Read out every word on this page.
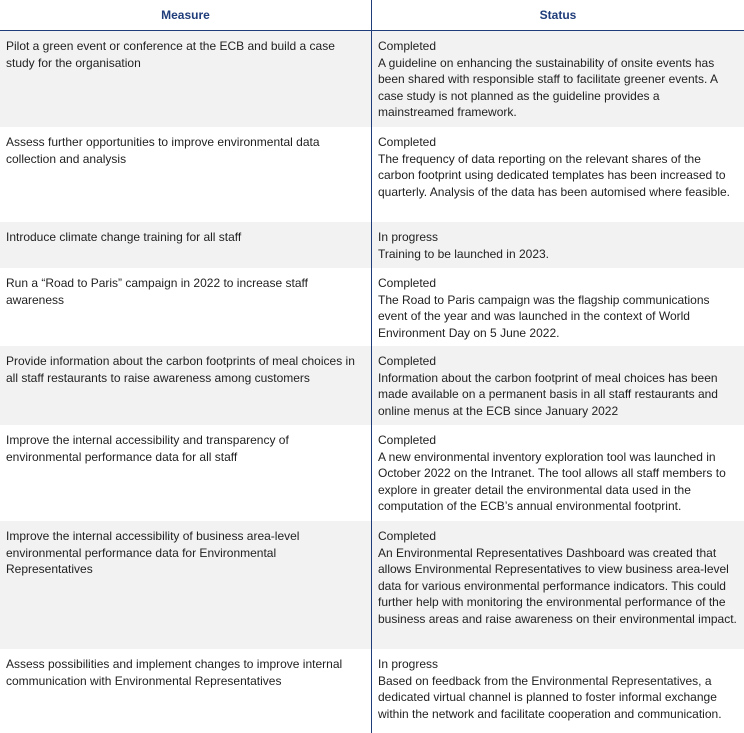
Measure	Status
Pilot a green event or conference at the ECB and build a case study for the organisation
Completed
A guideline on enhancing the sustainability of onsite events has been shared with responsible staff to facilitate greener events. A case study is not planned as the guideline provides a mainstreamed framework.
Assess further opportunities to improve environmental data collection and analysis
Completed
The frequency of data reporting on the relevant shares of the carbon footprint using dedicated templates has been increased to quarterly. Analysis of the data has been automised where feasible.
Introduce climate change training for all staff	In progress
Training to be launched in 2023.
Run a “Road to Paris” campaign in 2022 to increase staff awareness
Completed
The Road to Paris campaign was the flagship communications event of the year and was launched in the context of World Environment Day on 5 June 2022.
Provide information about the carbon footprints of meal choices in all staff restaurants to raise awareness among customers
Completed
Information about the carbon footprint of meal choices has been made available on a permanent basis in all staff restaurants and online menus at the ECB since January 2022
Improve the internal accessibility and transparency of environmental performance data for all staff
Completed
A new environmental inventory exploration tool was launched in October 2022 on the Intranet. The tool allows all staff members to explore in greater detail the environmental data used in the computation of the ECB’s annual environmental footprint.
Improve the internal accessibility of business area-level environmental performance data for Environmental Representatives
Completed
An Environmental Representatives Dashboard was created that allows Environmental Representatives to view business area-level data for various environmental performance indicators. This could further help with monitoring the environmental performance of the business areas and raise awareness on their environmental impact.
Assess possibilities and implement changes to improve internal communication with Environmental Representatives
In progress
Based on feedback from the Environmental Representatives, a dedicated virtual channel is planned to foster informal exchange within the network and facilitate cooperation and communication.
